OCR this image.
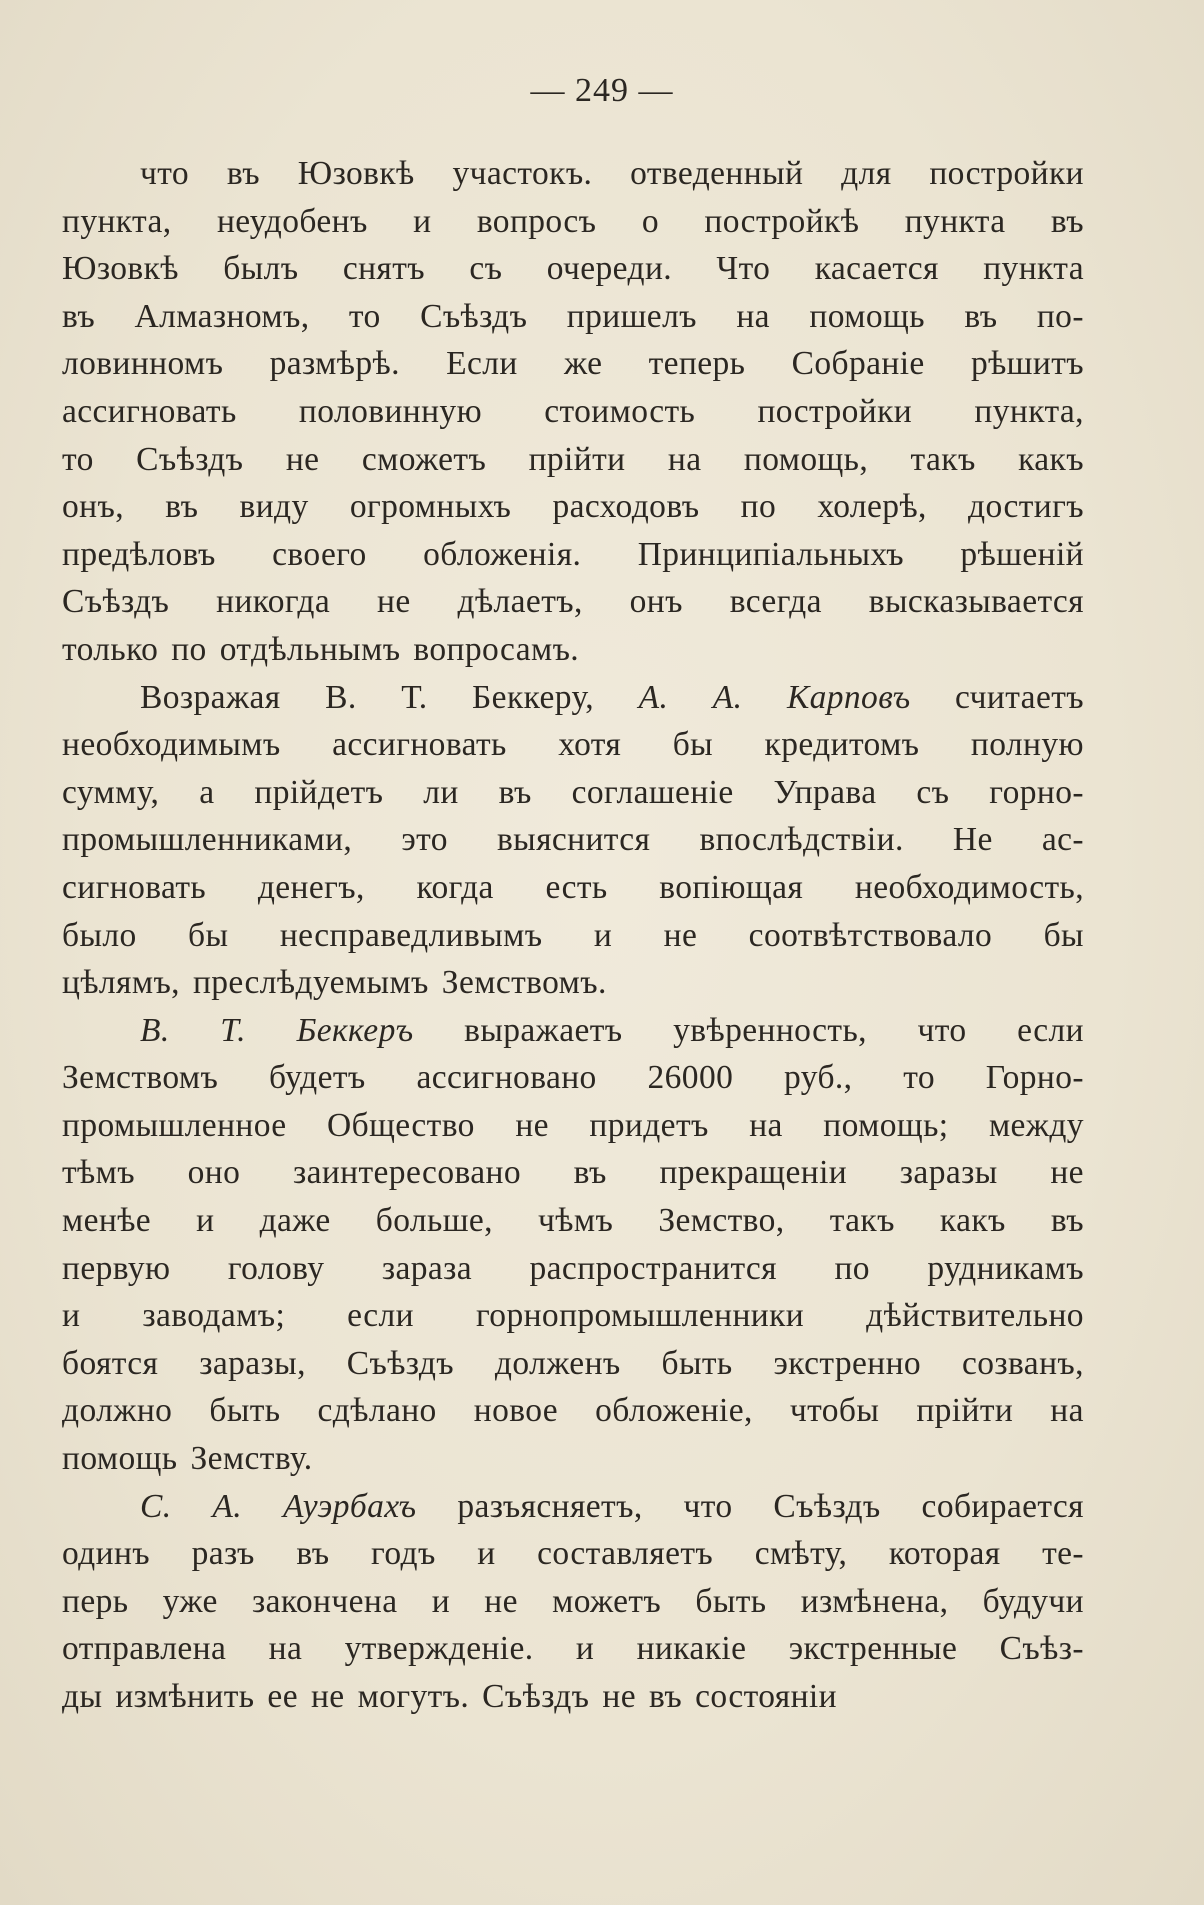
— 249 —
что въ Юзовкѣ участокъ. отведенный для постройки
пункта, неудобенъ и вопросъ о постройкѣ пункта въ
Юзовкѣ былъ снятъ съ очереди. Что касается пункта
въ Алмазномъ, то Съѣздъ пришелъ на помощь въ по-
ловинномъ размѣрѣ. Если же теперь Собраніе рѣшитъ
ассигновать половинную стоимость постройки пункта,
то Съѣздъ не сможетъ прійти на помощь, такъ какъ
онъ, въ виду огромныхъ расходовъ по холерѣ, достигъ
предѣловъ своего обложенія. Принципіальныхъ рѣшеній
Съѣздъ никогда не дѣлаетъ, онъ всегда высказывается
только по отдѣльнымъ вопросамъ.
Возражая В. Т. Беккеру, А. А. Карповъ считаетъ
необходимымъ ассигновать хотя бы кредитомъ полную
сумму, а прійдетъ ли въ соглашеніе Управа съ горно-
промышленниками, это выяснится впослѣдствіи. Не ас-
сигновать денегъ, когда есть вопіющая необходимость,
было бы несправедливымъ и не соотвѣтствовало бы
цѣлямъ, преслѣдуемымъ Земствомъ.
В. Т. Беккеръ выражаетъ увѣренность, что если
Земствомъ будетъ ассигновано 26000 руб., то Горно-
промышленное Общество не придетъ на помощь; между
тѣмъ оно заинтересовано въ прекращеніи заразы не
менѣе и даже больше, чѣмъ Земство, такъ какъ въ
первую голову зараза распространится по рудникамъ
и заводамъ; если горнопромышленники дѣйствительно
боятся заразы, Съѣздъ долженъ быть экстренно созванъ,
должно быть сдѣлано новое обложеніе, чтобы прійти на
помощь Земству.
С. А. Ауэрбахъ разъясняетъ, что Съѣздъ собирается
одинъ разъ въ годъ и составляетъ смѣту, которая те-
перь уже закончена и не можетъ быть измѣнена, будучи
отправлена на утвержденіе. и никакіе экстренные Съѣз-
ды измѣнить ее не могутъ. Съѣздъ не въ состояніи
